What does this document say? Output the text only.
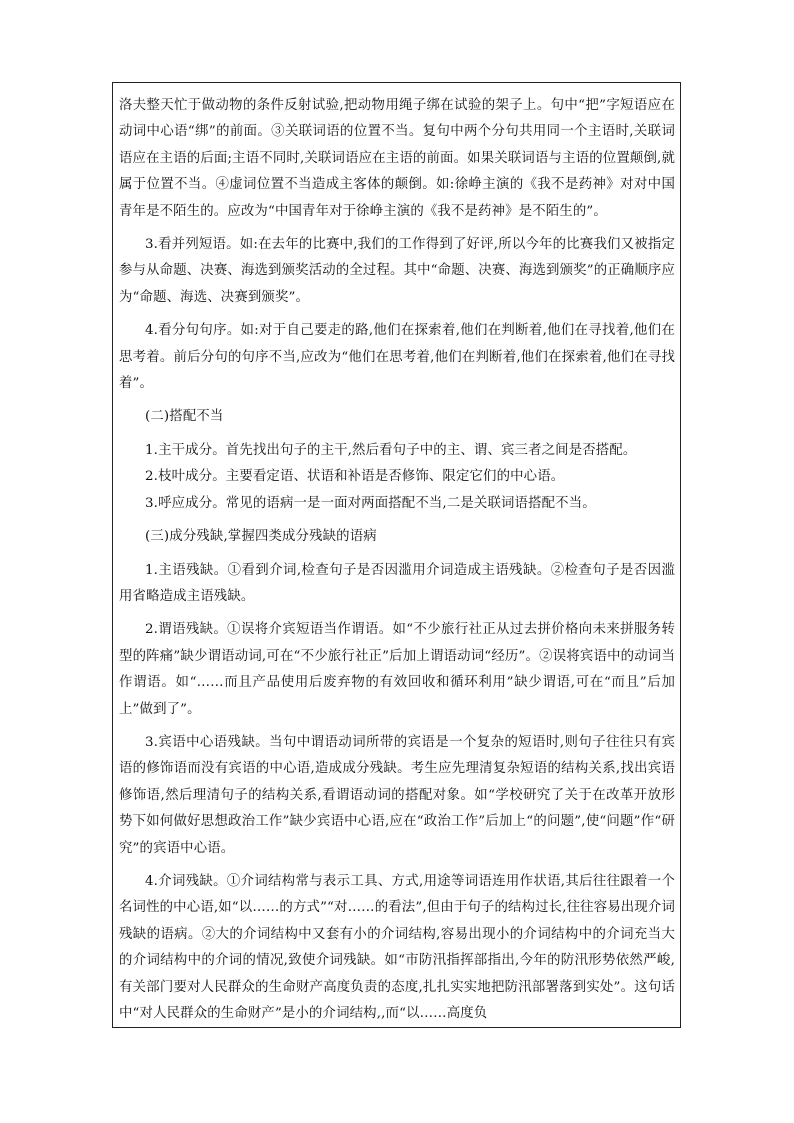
洛夫整天忙于做动物的条件反射试验,把动物用绳子绑在试验的架子上。句中“把”字短语应在动词中心语“绑”的前面。③关联词语的位置不当。复句中两个分句共用同一个主语时,关联词语应在主语的后面;主语不同时,关联词语应在主语的前面。如果关联词语与主语的位置颠倒,就属于位置不当。④虚词位置不当造成主客体的颠倒。如:徐峥主演的《我不是药神》对对中国青年是不陌生的。应改为“中国青年对于徐峥主演的《我不是药神》是不陌生的”。

3.看并列短语。如:在去年的比赛中,我们的工作得到了好评,所以今年的比赛我们又被指定参与从命题、决赛、海选到颁奖活动的全过程。其中“命题、决赛、海选到颁奖”的正确顺序应为“命题、海选、决赛到颁奖”。

4.看分句句序。如:对于自己要走的路,他们在探索着,他们在判断着,他们在寻找着,他们在思考着。前后分句的句序不当,应改为“他们在思考着,他们在判断着,他们在探索着,他们在寻找着”。

(二)搭配不当

1.主干成分。首先找出句子的主干,然后看句子中的主、谓、宾三者之间是否搭配。

2.枝叶成分。主要看定语、状语和补语是否修饰、限定它们的中心语。

3.呼应成分。常见的语病一是一面对两面搭配不当,二是关联词语搭配不当。

(三)成分残缺,掌握四类成分残缺的语病

1.主语残缺。①看到介词,检查句子是否因滥用介词造成主语残缺。②检查句子是否因滥用省略造成主语残缺。

2.谓语残缺。①误将介宾短语当作谓语。如“不少旅行社正从过去拼价格向未来拼服务转型的阵痛”缺少谓语动词,可在“不少旅行社正”后加上谓语动词“经历”。②误将宾语中的动词当作谓语。如“……而且产品使用后废弃物的有效回收和循环利用”缺少谓语,可在“而且”后加上”做到了”。

3.宾语中心语残缺。当句中谓语动词所带的宾语是一个复杂的短语时,则句子往往只有宾语的修饰语而没有宾语的中心语,造成成分残缺。考生应先理清复杂短语的结构关系,找出宾语修饰语,然后理清句子的结构关系,看谓语动词的搭配对象。如“学校研究了关于在改革开放形势下如何做好思想政治工作”缺少宾语中心语,应在“政治工作”后加上“的问题”,使“问题”作“研究”的宾语中心语。

4.介词残缺。①介词结构常与表示工具、方式,用途等词语连用作状语,其后往往跟着一个名词性的中心语,如“以……的方式”“对……的看法”,但由于句子的结构过长,往往容易出现介词残缺的语病。②大的介词结构中又套有小的介词结构,容易出现小的介词结构中的介词充当大的介词结构中的介词的情况,致使介词残缺。如“市防汛指挥部指出,今年的防汛形势依然严峻,有关部门要对人民群众的生命财产高度负责的态度,扎扎实实地把防汛部署落到实处”。这句话中“对人民群众的生命财产”是小的介词结构,,而“以……高度负
